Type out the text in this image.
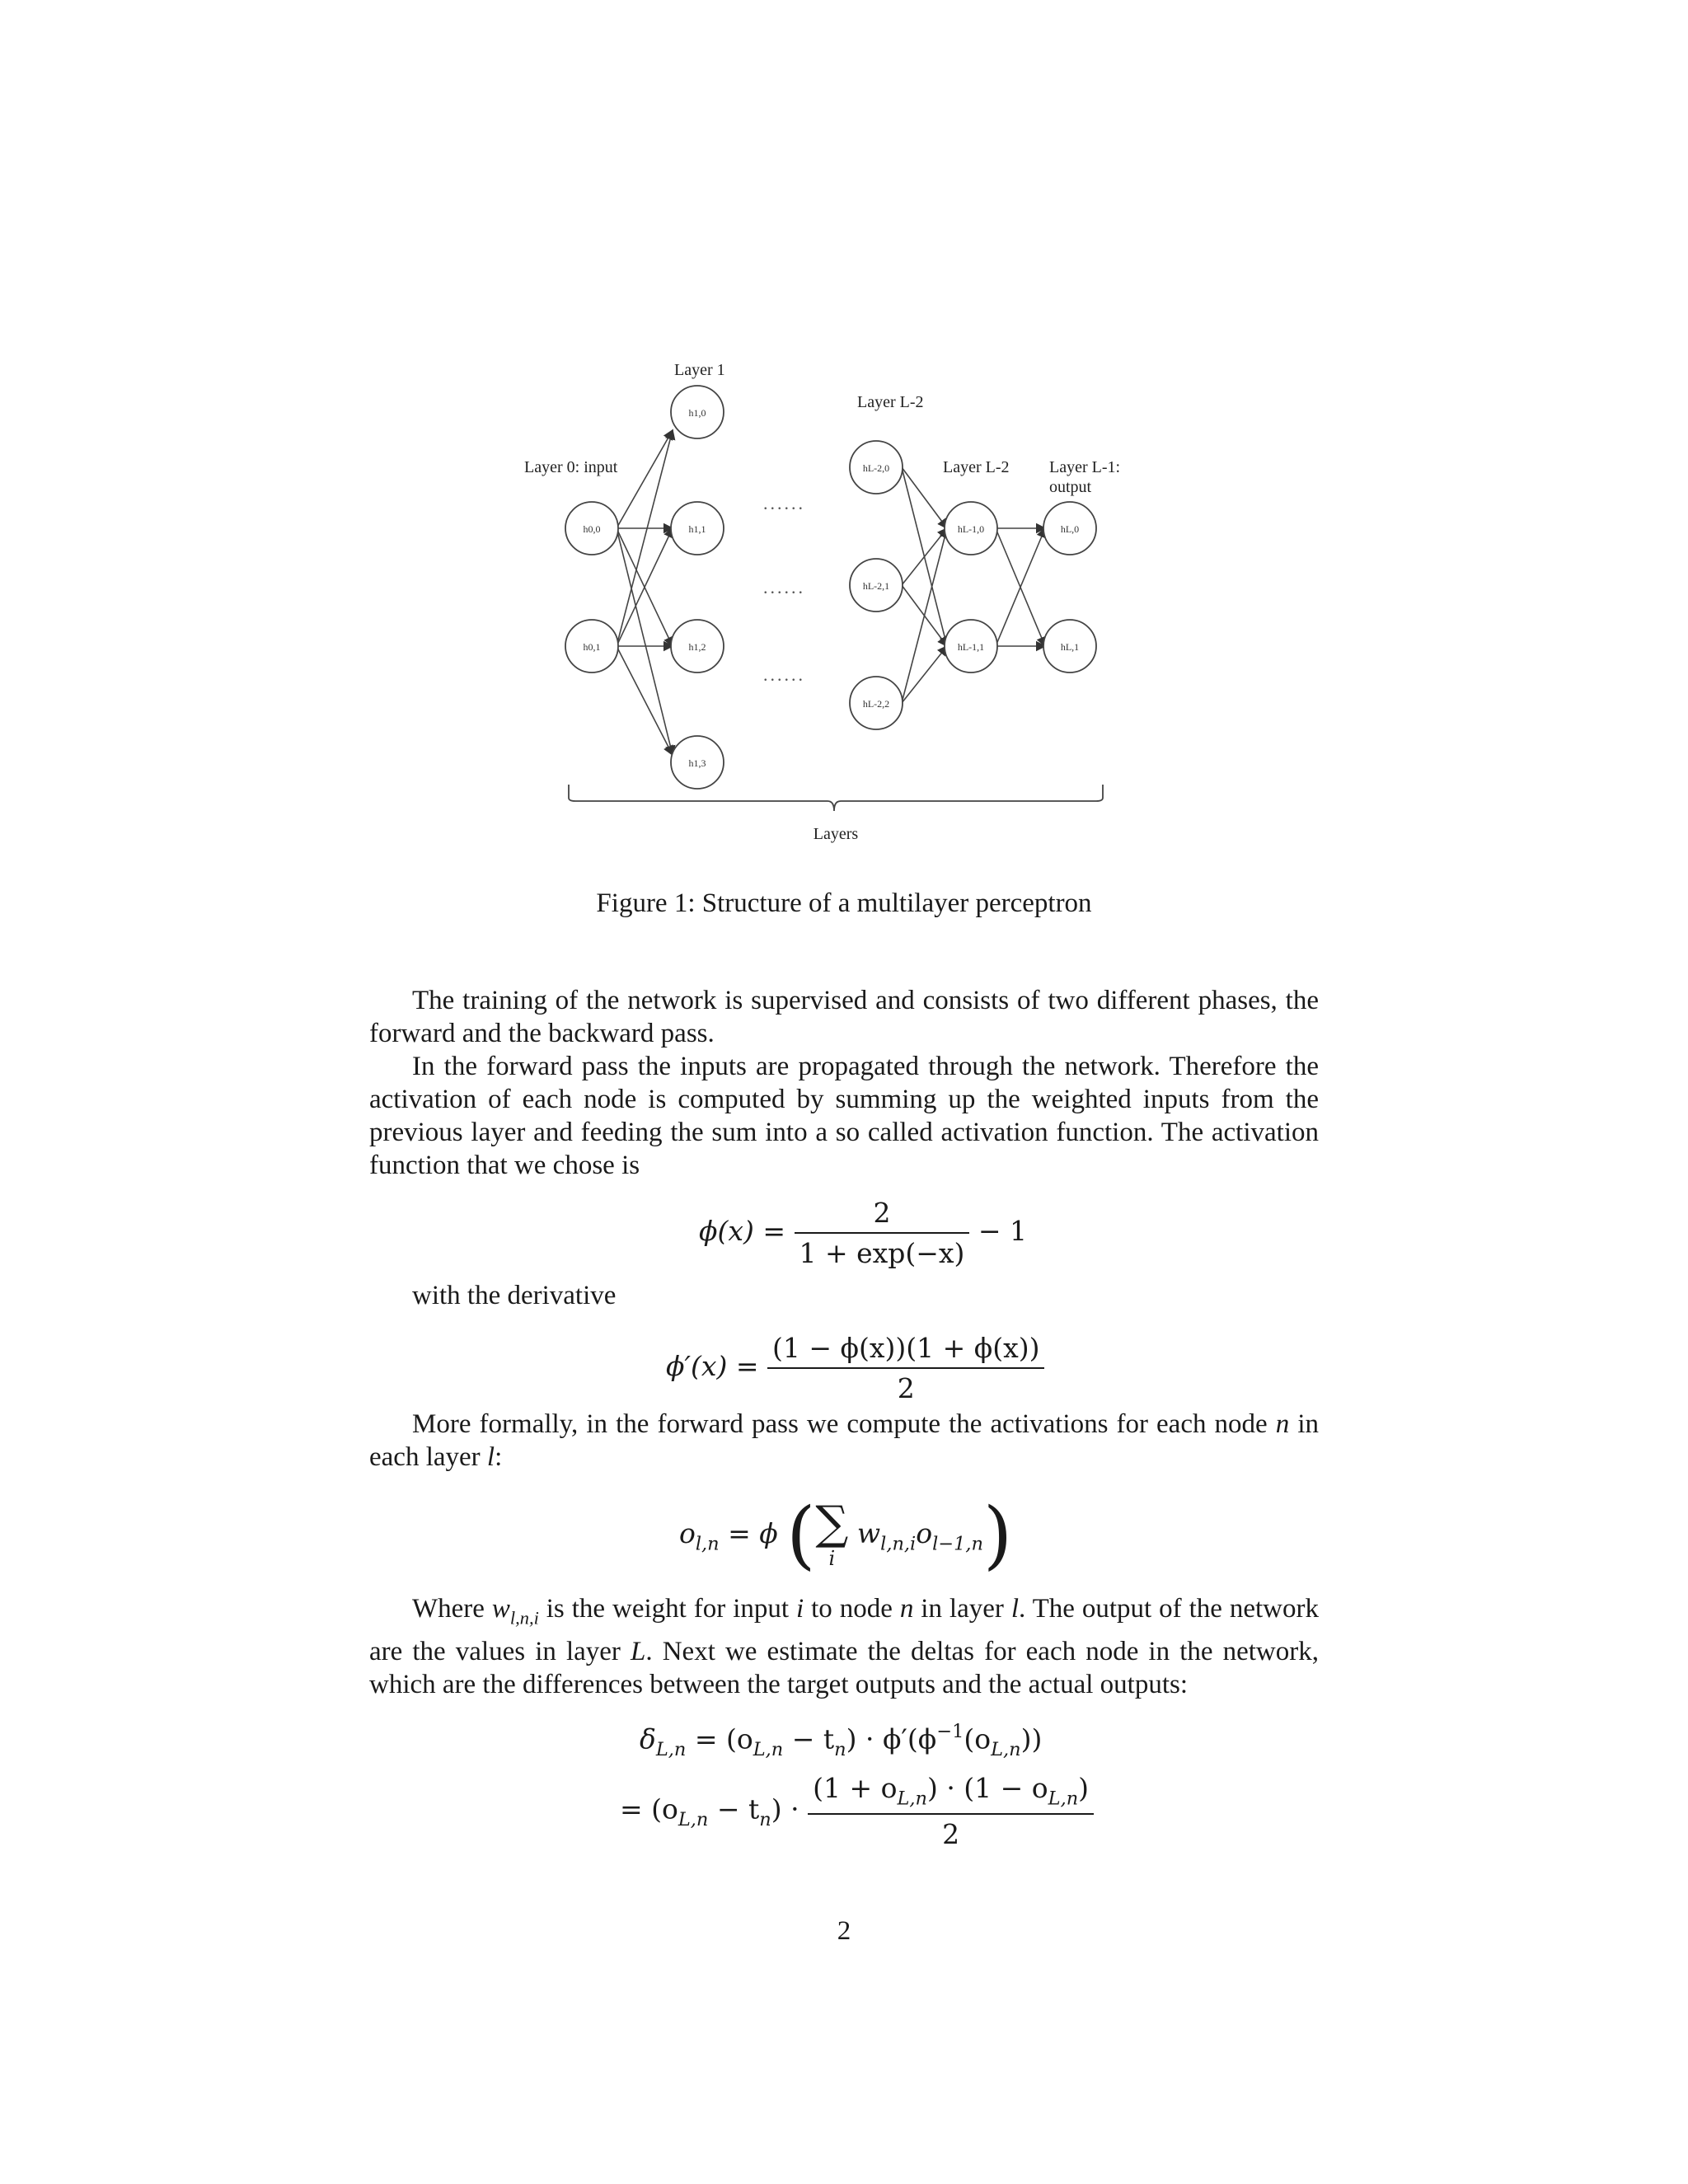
h0,0
h0,1
h1,0
h1,1
h1,2
h1,3
hL-2,0
hL-2,1
hL-2,2
hL-1,0
hL-1,1
hL,0
hL,1
Layer 0: input
Layer 1
Layer L-2
Layer L-2 Layer L-1:
output
......
......
......
Layers
Figure 1: Structure of a multilayer perceptron

The training of the network is supervised and consists of two different phases, the forward and the backward pass.

In the forward pass the inputs are propagated through the network. Therefore the activation of each node is computed by summing up the weighted inputs from the previous layer and feeding the sum into a so called activation function. The activation function that we chose is

$\phi(x) = \frac{2}{1 + \exp(-x)} - 1$

with the derivative

$\phi'(x) = \frac{(1 - \phi(x))(1 + \phi(x))}{2}$

More formally, in the forward pass we compute the activations for each node n in each layer l:

$o_{l,n} = \phi$ ( ∑
i
$w_{l,n,i}o_{l-1,n}$)

Where $w_{l,n,i}$ is the weight for input i to node n in layer l. The output of the network are the values in layer L. Next we estimate the deltas for each node in the network, which are the differences between the target outputs and the actual outputs:

$\delta_{L,n} = (o_{L,n} - t_n) \cdot \phi'(\phi^{-1}(o_{L,n}))$
= $(o_{L,n} - t_n) \cdot \frac{(1 + o_{L,n}) \cdot (1 - o_{L,n})}{2}$
2
